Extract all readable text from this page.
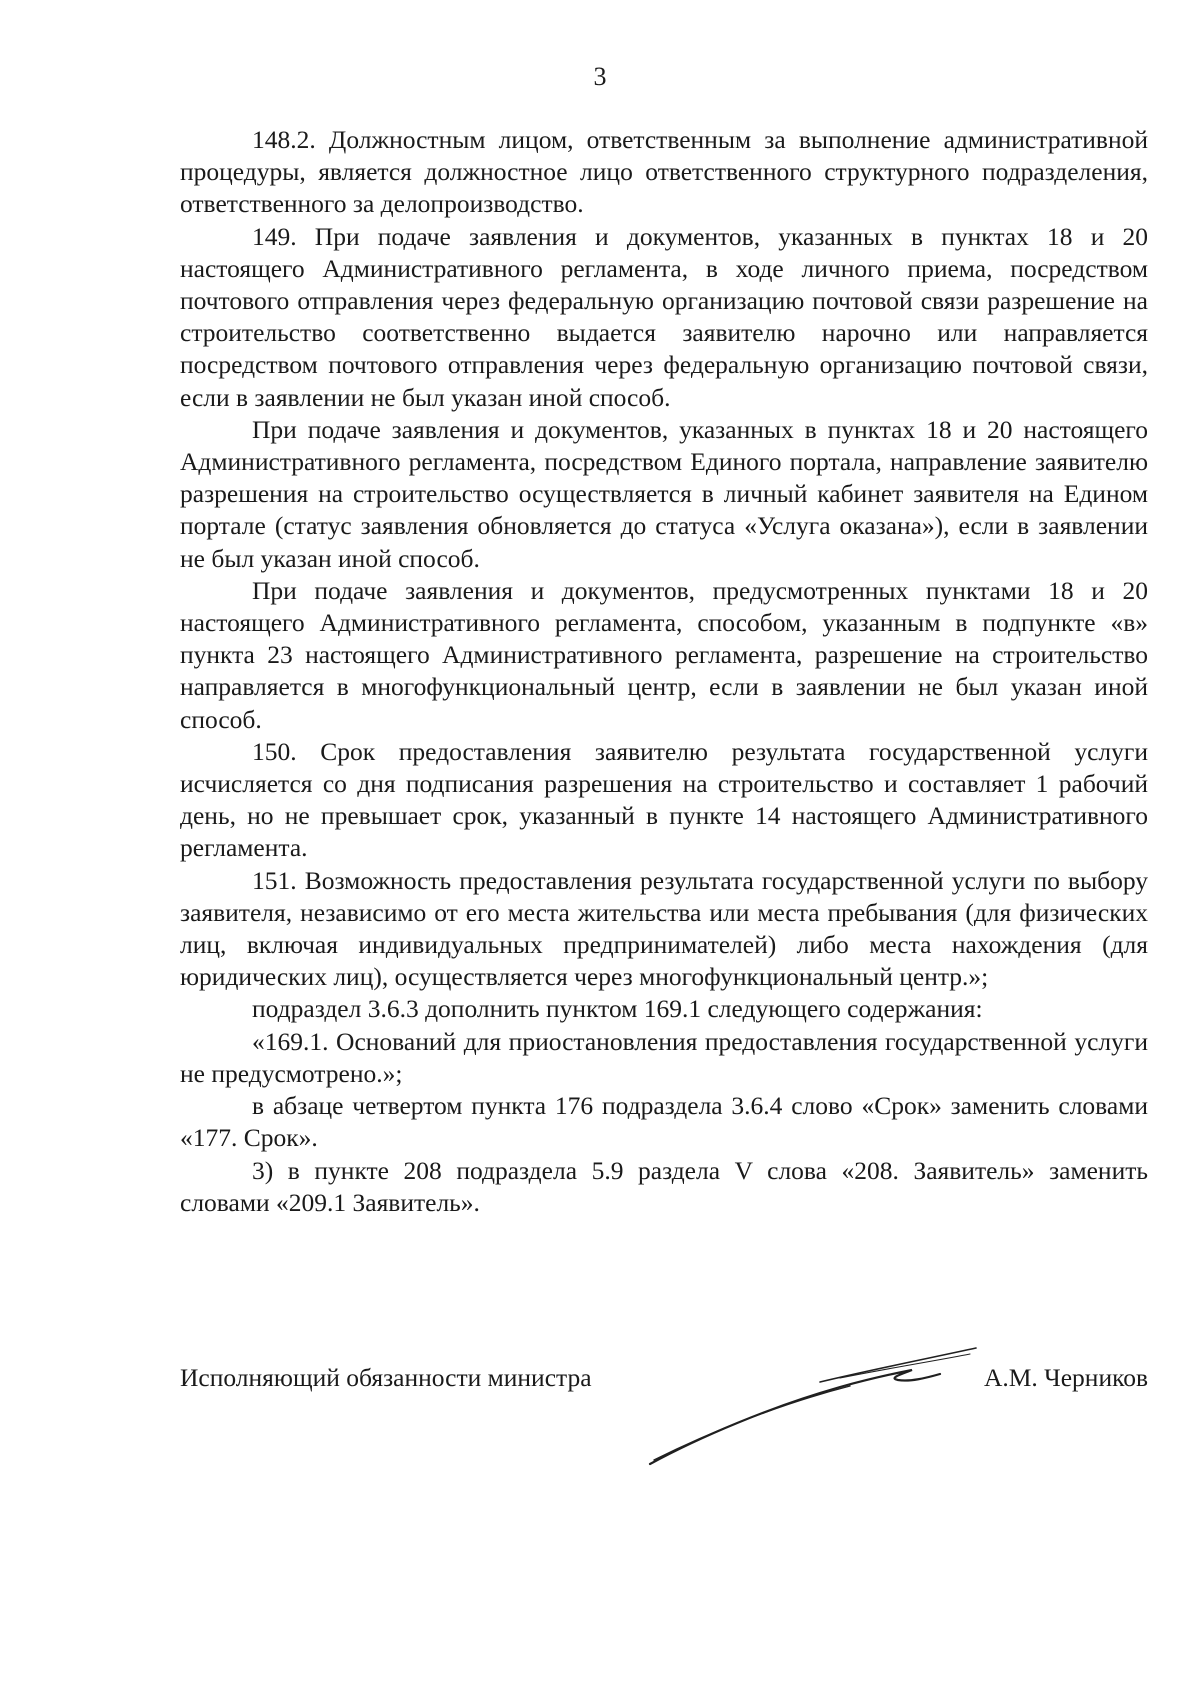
3

148.2. Должностным лицом, ответственным за выполнение административной процедуры, является должностное лицо ответственного структурного подразделения, ответственного за делопроизводство.

149. При подаче заявления и документов, указанных в пунктах 18 и 20 настоящего Административного регламента, в ходе личного приема, посредством почтового отправления через федеральную организацию почтовой связи разрешение на строительство соответственно выдается заявителю нарочно или направляется посредством почтового отправления через федеральную организацию почтовой связи, если в заявлении не был указан иной способ.

При подаче заявления и документов, указанных в пунктах 18 и 20 настоящего Административного регламента, посредством Единого портала, направление заявителю разрешения на строительство осуществляется в личный кабинет заявителя на Едином портале (статус заявления обновляется до статуса «Услуга оказана»), если в заявлении не был указан иной способ.

При подаче заявления и документов, предусмотренных пунктами 18 и 20 настоящего Административного регламента, способом, указанным в подпункте «в» пункта 23 настоящего Административного регламента, разрешение на строительство направляется в многофункциональный центр, если в заявлении не был указан иной способ.

150. Срок предоставления заявителю результата государственной услуги исчисляется со дня подписания разрешения на строительство и составляет 1 рабочий день, но не превышает срок, указанный в пункте 14 настоящего Административного регламента.

151. Возможность предоставления результата государственной услуги по выбору заявителя, независимо от его места жительства или места пребывания (для физических лиц, включая индивидуальных предпринимателей) либо места нахождения (для юридических лиц), осуществляется через многофункциональный центр.»;

подраздел 3.6.3 дополнить пунктом 169.1 следующего содержания:

«169.1. Оснований для приостановления предоставления государственной услуги не предусмотрено.»;

в абзаце четвертом пункта 176 подраздела 3.6.4 слово «Срок» заменить словами «177. Срок».

3) в пункте 208 подраздела 5.9 раздела V слова «208. Заявитель» заменить словами «209.1 Заявитель».

Исполняющий обязанности министра	А.М. Черников
